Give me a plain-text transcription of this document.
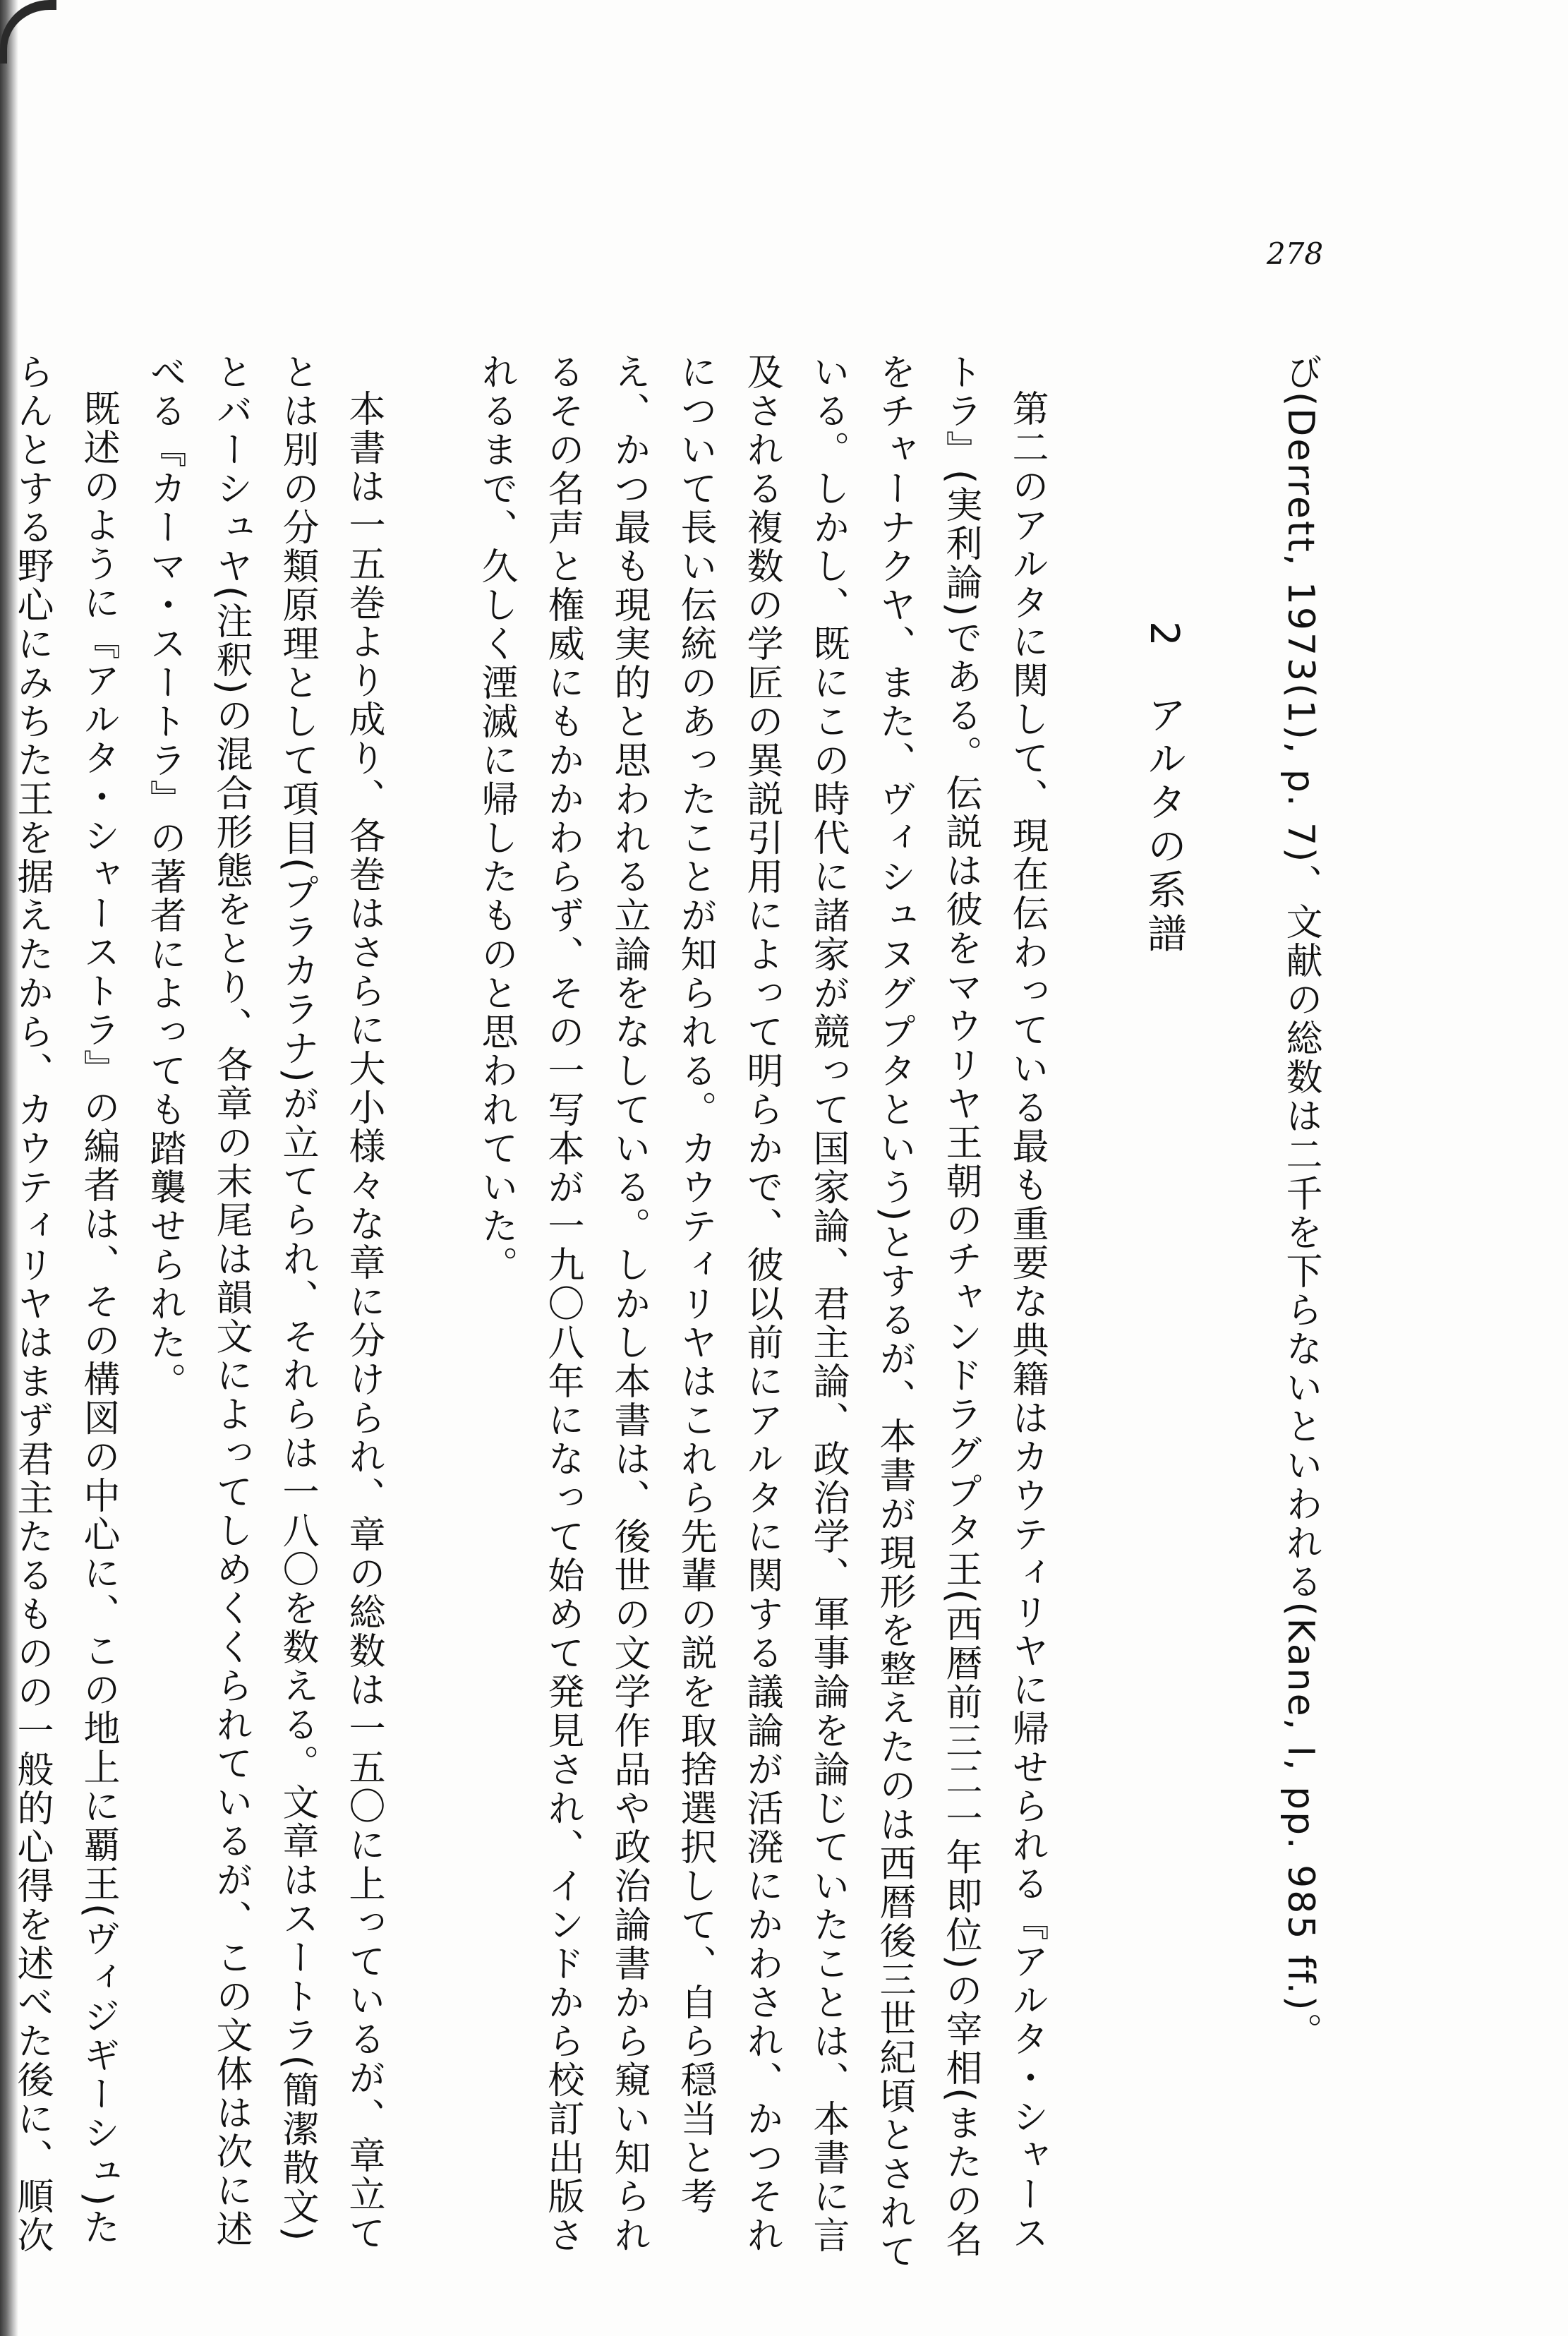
278

び(Derrett, 1973(1), p. 7)、文献の総数は二千を下らないといわれる(Kane, I, pp. 985 ff.)。

2　アルタの系譜

第二のアルタに関して、現在伝わっている最も重要な典籍はカウティリヤに帰せられる『アルタ・シャーストラ』(実利論)である。伝説は彼をマウリヤ王朝のチャンドラグプタ王(西暦前三二一年即位)の宰相(またの名をチャーナクヤ、また、ヴィシュヌグプタという)とするが、本書が現形を整えたのは西暦後三世紀頃とされている。しかし、既にこの時代に諸家が競って国家論、君主論、政治学、軍事論を論じていたことは、本書に言及される複数の学匠の異説引用によって明らかで、彼以前にアルタに関する議論が活溌にかわされ、かつそれについて長い伝統のあったことが知られる。カウティリヤはこれら先輩の説を取捨選択して、自ら穏当と考え、かつ最も現実的と思われる立論をなしている。しかし本書は、後世の文学作品や政治論書から窺い知られるその名声と権威にもかかわらず、その一写本が一九〇八年になって始めて発見され、インドから校訂出版されるまで、久しく湮滅に帰したものと思われていた。

本書は一五巻より成り、各巻はさらに大小様々な章に分けられ、章の総数は一五〇に上っているが、章立てとは別の分類原理として項目(プラカラナ)が立てられ、それらは一八〇を数える。文章はスートラ(簡潔散文)とバーシュヤ(注釈)の混合形態をとり、各章の末尾は韻文によってしめくくられているが、この文体は次に述べる『カーマ・スートラ』の著者によっても踏襲せられた。

既述のように『アルタ・シャーストラ』の編者は、その構図の中心に、この地上に覇王(ヴィジギーシュ)たらんとする野心にみちた王を据えたから、カウティリヤはまず君主たるものの一般的心得を述べた後に、順次
